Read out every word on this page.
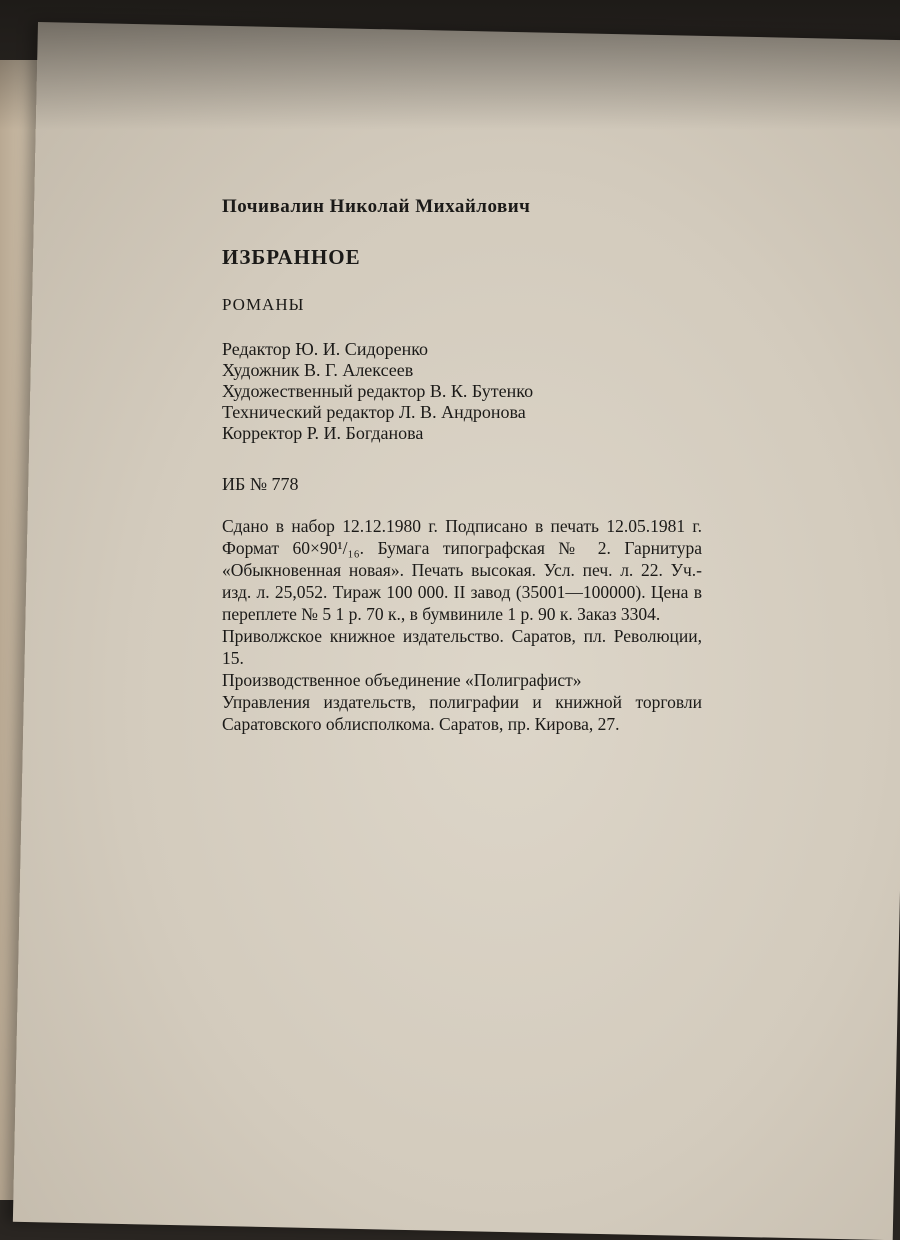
Почивалин Николай Михайлович
ИЗБРАННОЕ
РОМАНЫ
Редактор Ю. И. Сидоренко
Художник В. Г. Алексеев
Художественный редактор В. К. Бутенко
Технический редактор Л. В. Андронова
Корректор Р. И. Богданова
ИБ № 778

Сдано в набор 12.12.1980 г. Подписано в печать 12.05.1981 г. Формат 60×90¹/₁₆. Бумага типографская № 2. Гарнитура «Обыкновенная новая». Печать высокая. Усл. печ. л. 22. Уч.-изд. л. 25,052. Тираж 100 000. II завод (35001—100000). Цена в переплете № 5 1 р. 70 к., в бумвиниле 1 р. 90 к. Заказ 3304.

Приволжское книжное издательство. Саратов, пл. Революции, 15.

Производственное объединение «Полиграфист»

Управления издательств, полиграфии и книжной торговли Саратовского облисполкома. Саратов, пр. Кирова, 27.
